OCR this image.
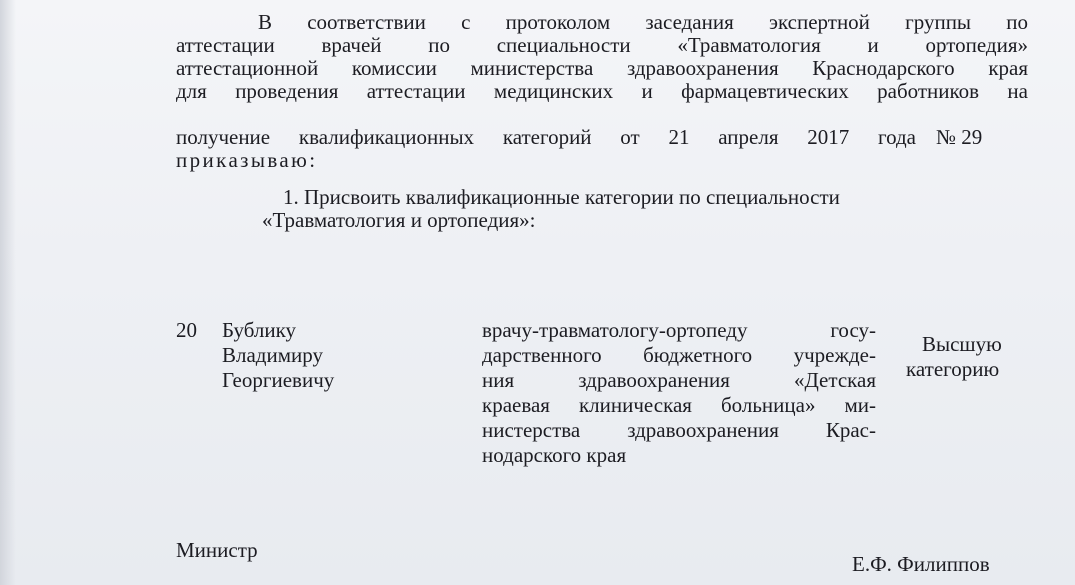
В соответствии с протоколом заседания экспертной группы по
аттестации врачей по специальности «Травматология и ортопедия»
получение квалификационных категорий от 21 апреля 2017 года № 29
приказываю:
1. Присвоить квалификационные категории по специальности
«Травматология и ортопедия»:
20 Бублику
Владимиру
Георгиевичу
врачу-травматологу-ортопеду госу-
дарственного бюджетного учрежде-
ния здравоохранения «Детская
краевая клиническая больница» ми-
нистерства здравоохранения Крас-
Высшую
категорию
Министр
Е.Ф. Филиппов
для проведения аттестации медицинских и фармацевтических работников на
аттестационной комиссии министерства здравоохранения Краснодарского края
нодарского края
